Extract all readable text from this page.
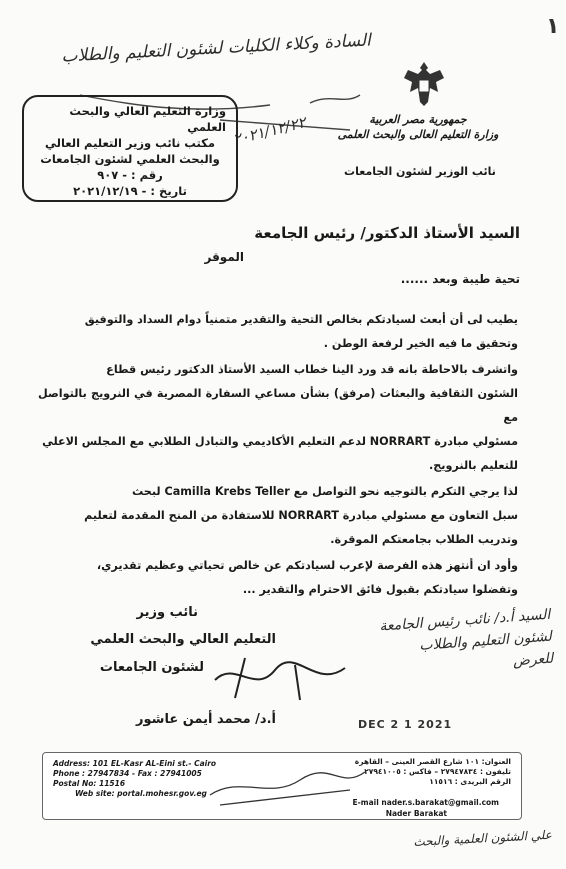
١
السادة وكلاء الكليات لشئون التعليم والطلاب
٢٠٢١/١٢/٢٢
وزارة التعليم العالي والبحث العلمي
مكتب نائب وزير التعليم العالي
والبحث العلمي لشئون الجامعات
رقم : - ٩٠٧
تاريخ : - ٢٠٢١/١٢/١٩
جمهورية مصر العربية
وزارة التعليم العالى والبحث العلمى
نائب الوزير لشئون الجامعات
السيد الأستاذ الدكتور/ رئيس الجامعة
الموقر
تحية طيبة وبعد ......
يطيب لى أن أبعث لسيادتكم بخالص التحية والتقدير متمنياً دوام السداد والتوفيق
وتحقيق ما فيه الخير لرفعة الوطن .
واتشرف بالاحاطة بانه قد ورد الينا خطاب السيد الأستاذ الدكتور رئيس قطاع
الشئون الثقافية والبعثات (مرفق) بشأن مساعي السفارة المصرية في النرويج بالتواصل مع
مسئولي مبادرة NORRART لدعم التعليم الأكاديمي والتبادل الطلابي مع المجلس الاعلي
للتعليم بالنرويج.
لذا يرجي التكرم بالتوجيه نحو التواصل مع Camilla Krebs Teller لبحث
سبل التعاون مع مسئولي مبادرة NORRART للاستفادة من المنح المقدمة لتعليم
وتدريب الطلاب بجامعتكم الموقرة.
وأود ان أنتهز هذه الفرصة لإعرب لسيادتكم عن خالص تحياتي وعظيم تقديري،
وتفضلوا سيادتكم بقبول فائق الاحترام والتقدير ...
نائب وزير
التعليم العالي والبحث العلمي
لشئون الجامعات
أ.د/ محمد أيمن عاشور
السيد أ.د/ نائب رئيس الجامعة
لشئون التعليم والطلاب
للعرض
DEC 2 1 2021
Address: 101 EL-Kasr AL-Eini st.- Cairo
Phone : 27947834 - Fax : 27941005
Postal No: 11516
Web site: portal.mohesr.gov.eg
العنوان: ١٠١ شارع القصر العينى – القاهرة
تليفون : ٢٧٩٤٧٨٣٤ – فاكس : ٢٧٩٤١٠٠٥
الرقم البريدى : ١١٥١٦
E-mail nader.s.barakat@gmail.com
Nader Barakat
علي الشئون العلمية والبحث
